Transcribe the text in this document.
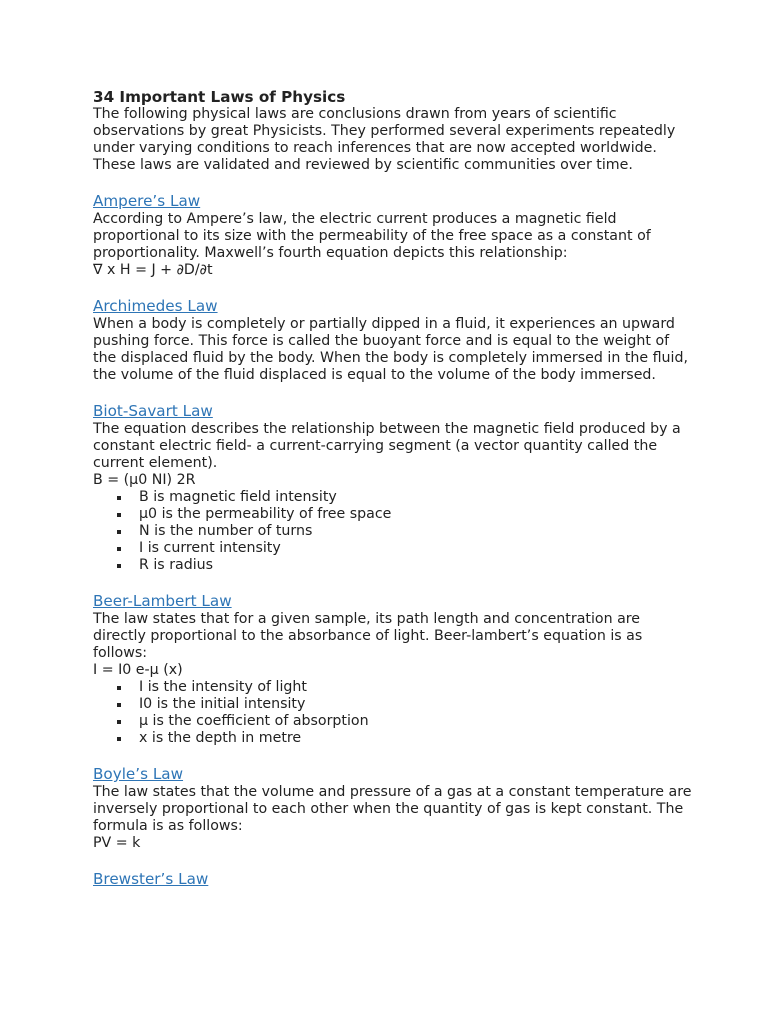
34 Important Laws of Physics

The following physical laws are conclusions drawn from years of scientific observations by great Physicists. They performed several experiments repeatedly under varying conditions to reach inferences that are now accepted worldwide. These laws are validated and reviewed by scientific communities over time.

Ampere’s Law

According to Ampere’s law, the electric current produces a magnetic field proportional to its size with the permeability of the free space as a constant of proportionality. Maxwell’s fourth equation depicts this relationship:

∇ x H = J + ∂D/∂t

Archimedes Law

When a body is completely or partially dipped in a fluid, it experiences an upward pushing force. This force is called the buoyant force and is equal to the weight of the displaced fluid by the body. When the body is completely immersed in the fluid, the volume of the fluid displaced is equal to the volume of the body immersed.

Biot-Savart Law

The equation describes the relationship between the magnetic field produced by a constant electric field- a current-carrying segment (a vector quantity called the current element).

B = (μ0 NI) 2R

B is magnetic field intensity
μ0 is the permeability of free space
N is the number of turns
I is current intensity
R is radius
Beer-Lambert Law

The law states that for a given sample, its path length and concentration are directly proportional to the absorbance of light. Beer-lambert’s equation is as follows:

I = I0 e-μ (x)

I is the intensity of light
I0 is the initial intensity
μ is the coefficient of absorption
x is the depth in metre
Boyle’s Law

The law states that the volume and pressure of a gas at a constant temperature are inversely proportional to each other when the quantity of gas is kept constant. The formula is as follows:

PV = k

Brewster’s Law
